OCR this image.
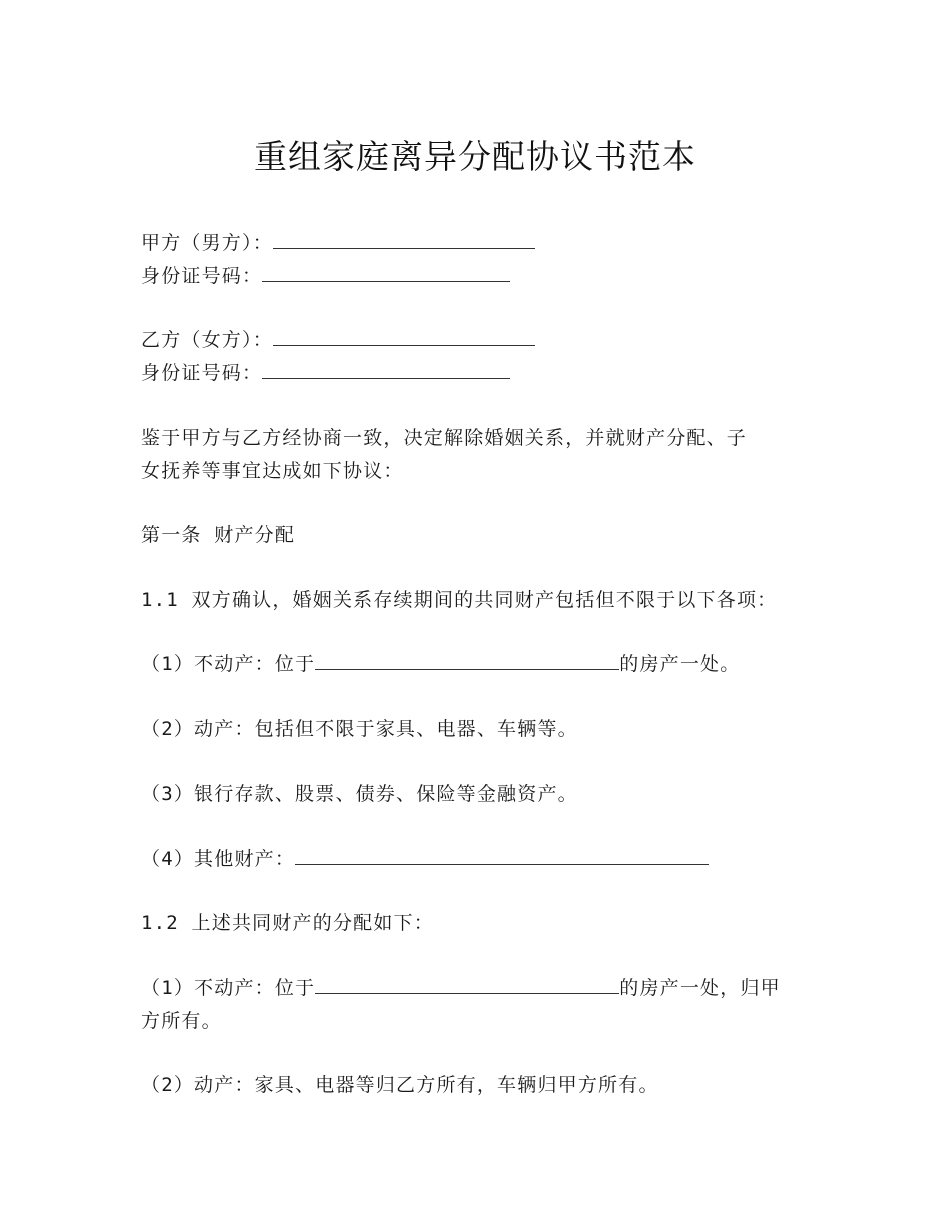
重组家庭离异分配协议书范本
甲方（男方）：
身份证号码：
乙方（女方）：
身份证号码：
鉴于甲方与乙方经协商一致，决定解除婚姻关系，并就财产分配、子
女抚养等事宜达成如下协议：
第一条 财产分配
1.1 双方确认，婚姻关系存续期间的共同财产包括但不限于以下各项：
（1）不动产：位于	的房产一处。
（2）动产：包括但不限于家具、电器、车辆等。
（3）银行存款、股票、债券、保险等金融资产。
（4）其他财产：
1.2 上述共同财产的分配如下：
（1）不动产：位于	的房产一处，归甲
方所有。
（2）动产：家具、电器等归乙方所有，车辆归甲方所有。
